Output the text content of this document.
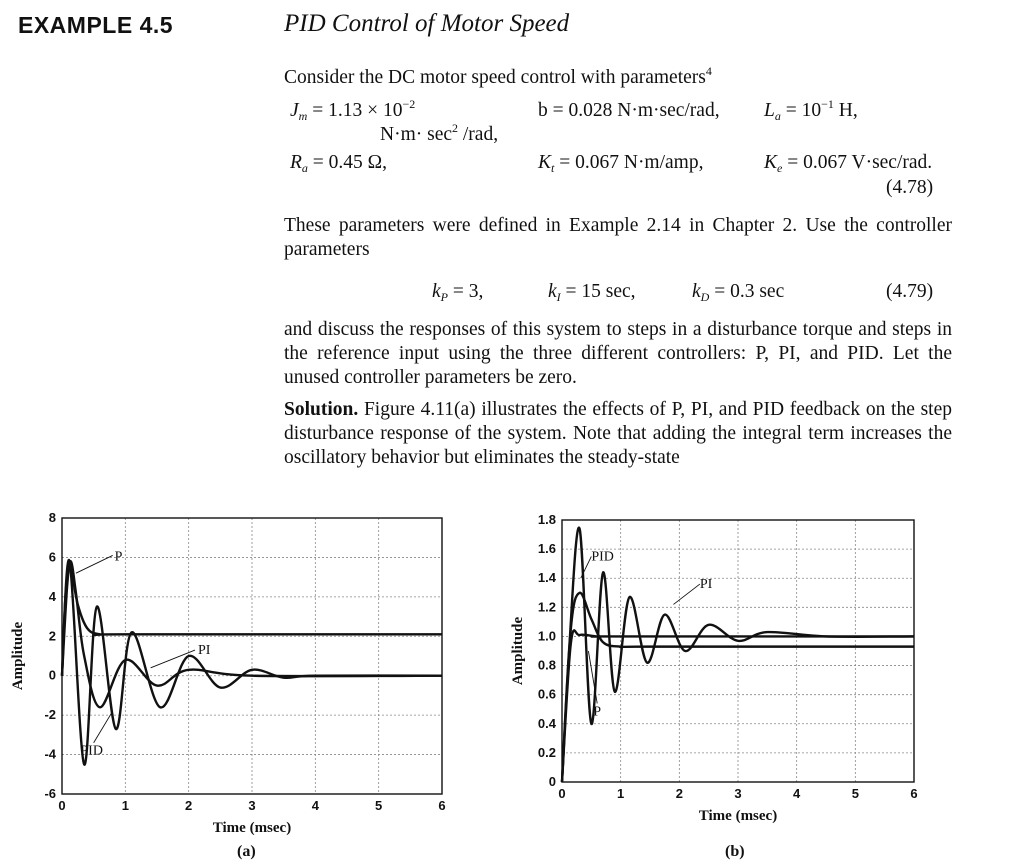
EXAMPLE 4.5	PID Control of Motor Speed
Consider the DC motor speed control with parameters$^4$
$J_m = 1.13 \times 10^{-2}$
$N\cdot m\cdot \sec^2 /rad$,
b = 0.028 N·m·sec/rad, $L_a = 10^{-1}$ H,
$R_a = 0.45$ Ω,	$K_t = 0.067$ N·m/amp,	$K_e = 0.067$ V·sec/rad.
(4.78)
These parameters were defined in Example 2.14 in Chapter 2. Use the controller parameters
$k_P = 3$,	$k_I = 15$ sec,	$k_D = 0.3$ sec	(4.79)
and discuss the responses of this system to steps in a disturbance torque and steps in the reference input using the three different controllers: P, PI, and PID. Let the unused controller parameters be zero.
Solution. Figure 4.11(a) illustrates the effects of P, PI, and PID feedback on the step disturbance response of the system. Note that adding the integral term increases the oscillatory behavior but eliminates the steady-state
0	1	2	3	4	5	6
-6
-4
-2
0
2
4
6
8
Time (msec)
Amplitude
P
PI
PID
(a)
0	1	2	3	4	5	6
0
0.2
0.4
0.6
0.8
1.0
1.2
1.4
1.6
1.8
Time (msec)
Amplitude
PID
PI
P
(b)
